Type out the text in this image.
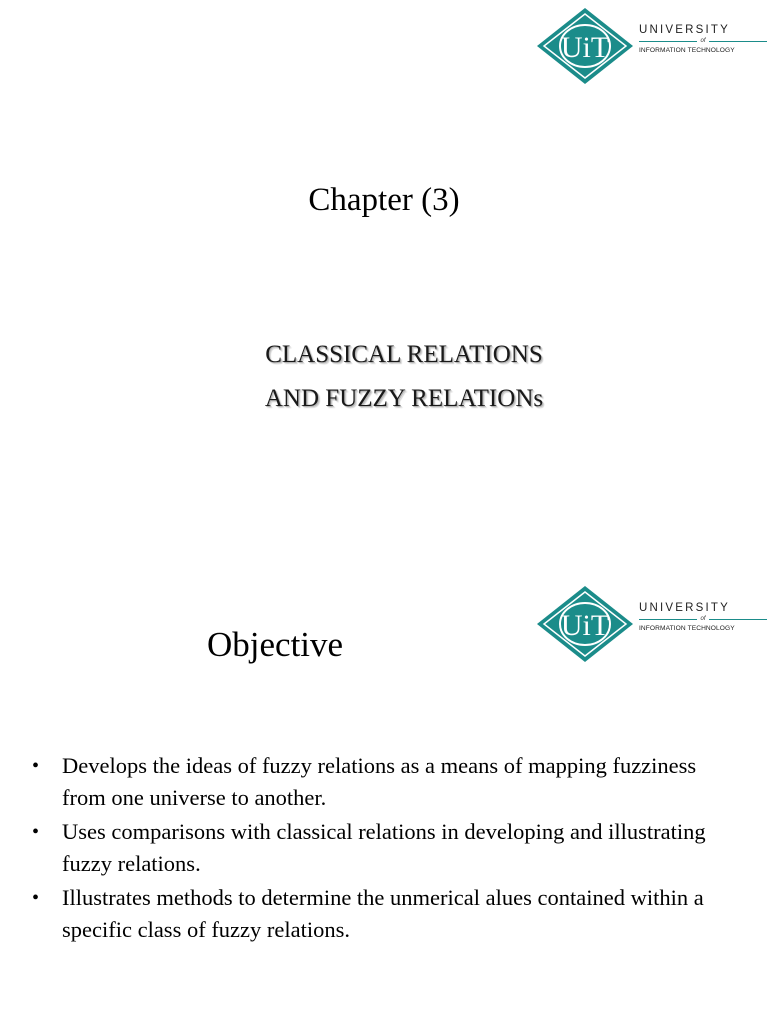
UiT
UNIVERSITY
of
INFORMATION TECHNOLOGY
Chapter (3)
CLASSICAL RELATIONS
AND FUZZY RELATIONs
UiT
UNIVERSITY
of
INFORMATION TECHNOLOGY
Objective
• Develops the ideas of fuzzy relations as a means of mapping fuzziness from one universe to another.
• Uses comparisons with classical relations in developing and illustrating fuzzy relations.
• Illustrates methods to determine the unmerical alues contained within a specific class of fuzzy relations.
